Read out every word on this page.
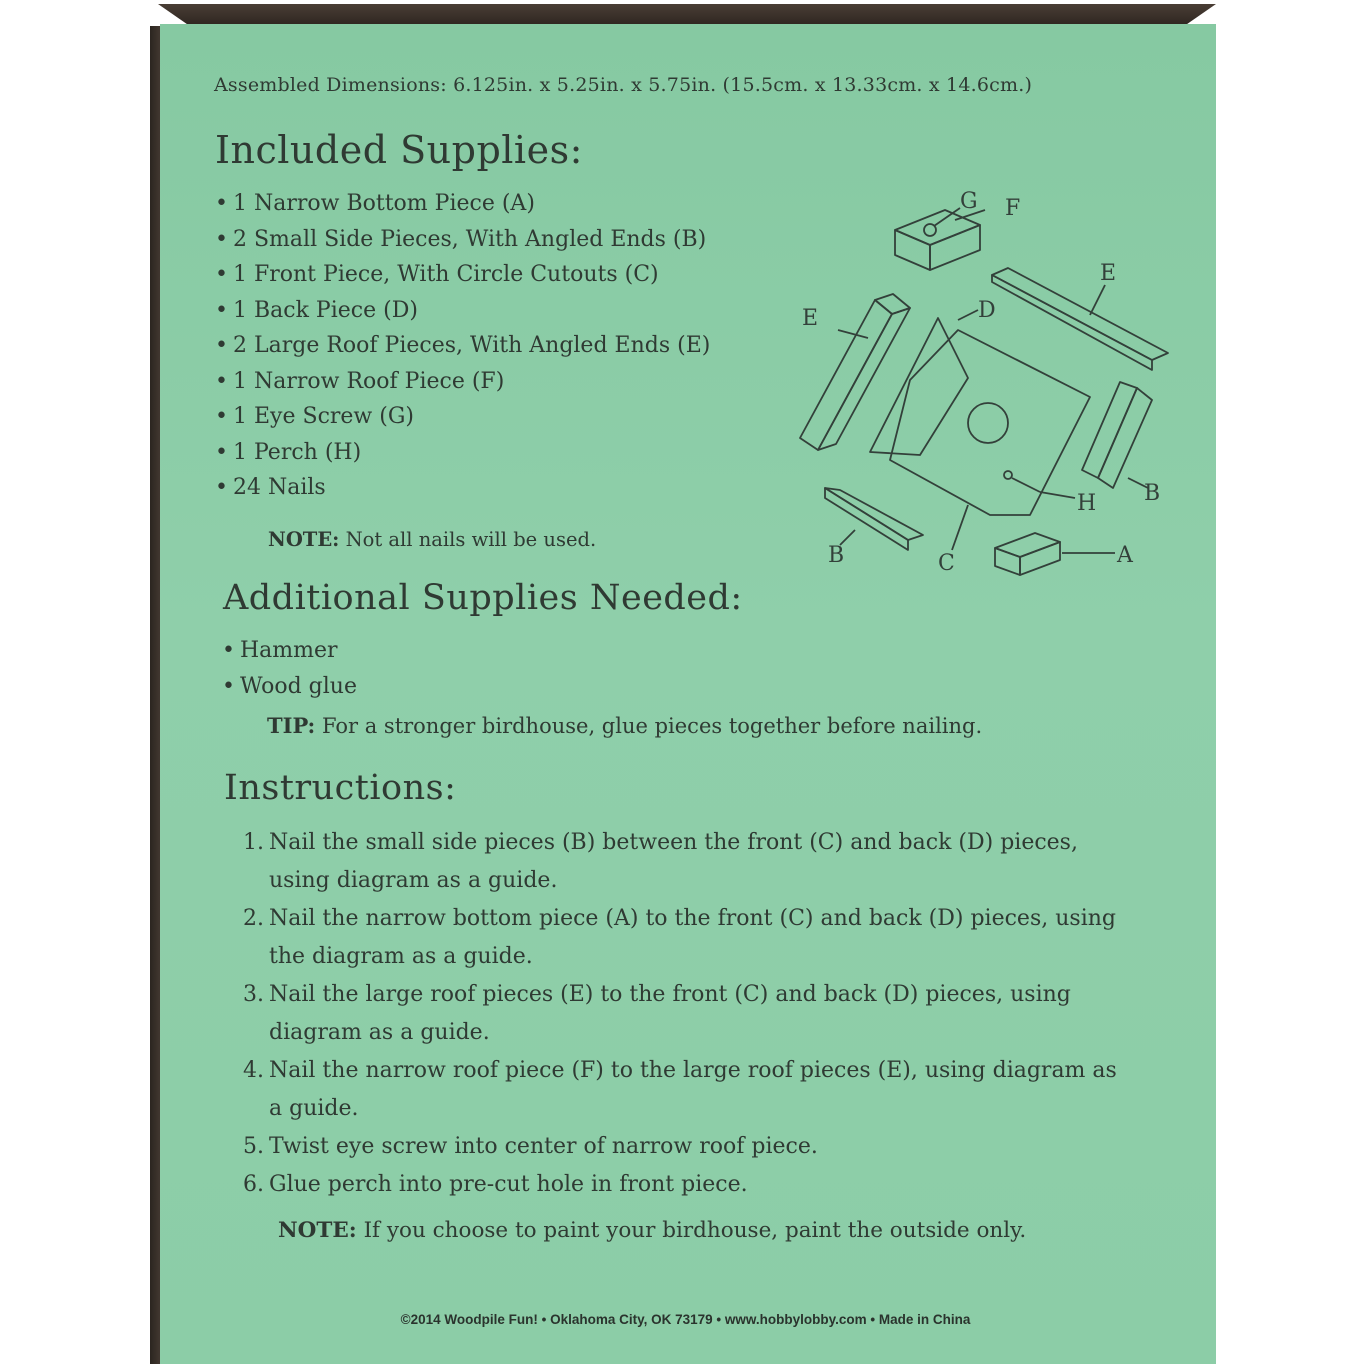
Assembled Dimensions: 6.125in. x 5.25in. x 5.75in. (15.5cm. x 13.33cm. x 14.6cm.)
Included Supplies:
• 1 Narrow Bottom Piece (A)
• 2 Small Side Pieces, With Angled Ends (B)
• 1 Front Piece, With Circle Cutouts (C)
• 1 Back Piece (D)
• 2 Large Roof Pieces, With Angled Ends (E)
• 1 Narrow Roof Piece (F)
• 1 Eye Screw (G)
• 1 Perch (H)
• 24 Nails
NOTE: Not all nails will be used.
Additional Supplies Needed:
• Hammer
• Wood glue
TIP: For a stronger birdhouse, glue pieces together before nailing.
Instructions:
1. Nail the small side pieces (B) between the front (C) and back (D) pieces, using diagram as a guide.
2. Nail the narrow bottom piece (A) to the front (C) and back (D) pieces, using the diagram as a guide.
3. Nail the large roof pieces (E) to the front (C) and back (D) pieces, using diagram as a guide.
4. Nail the narrow roof piece (F) to the large roof pieces (E), using diagram as a guide.
5. Twist eye screw into center of narrow roof piece.
6. Glue perch into pre-cut hole in front piece.
NOTE: If you choose to paint your birdhouse, paint the outside only.
G F
E
E	D
B
H
B	C	A
©2014 Woodpile Fun! • Oklahoma City, OK 73179 • www.hobbylobby.com • Made in China
